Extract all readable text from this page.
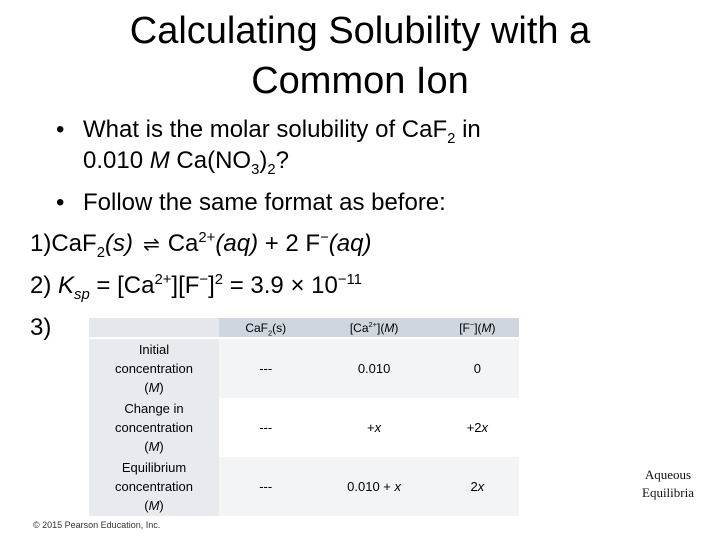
Calculating Solubility with a
Common Ion
• What is the molar solubility of CaF$_2$ in
0.010 M $Ca(NO_3)_2$?
• Follow the same format as before:
1)CaF$_2$(s) ⇌ $Ca^{2+}(aq) + 2$ F−(aq)
2) $K_{sp} = [Ca^{2+}][F^-]^2 = 3.9 \times 10^{-11}$
3)
		CaF$_2$(s)	$[Ca^{2+}](M)$	[F−](M)

Initial
concentration
(M)	---	0.010	0

Change in
concentration
(M)	---	+x	+2x

Equilibrium
concentration
(M)	---	0.010 + x	2x
© 2015 Pearson Education, Inc.
Aqueous
Equilibria
